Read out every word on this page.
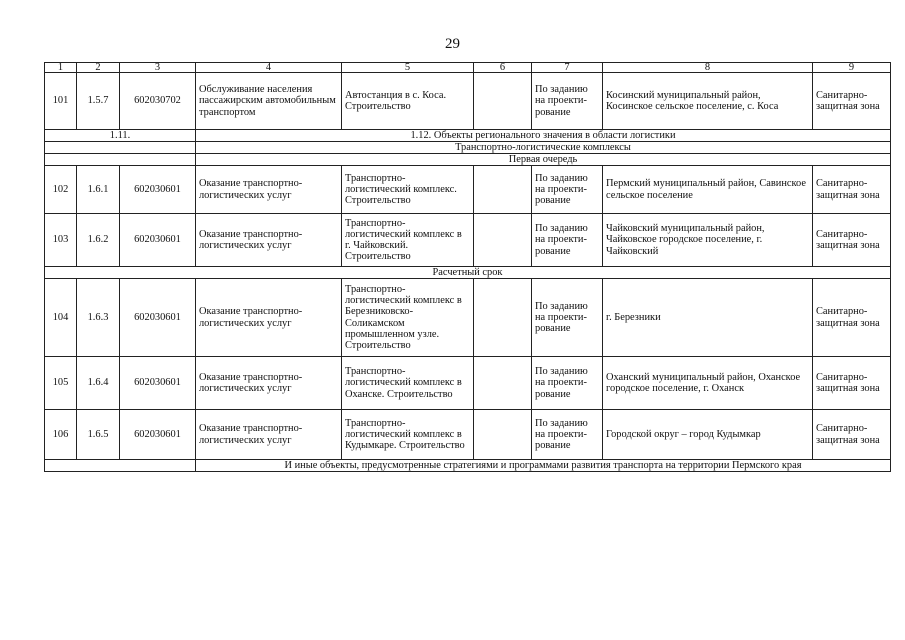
29
1	2	3	4	5	6	7	8	9
101	1.5.7	602030702	Обслуживание населения пассажирским автомобильным транспортом	Автостанция в с. Коса. Строительство		По заданию на проекти-рование	Косинский муниципальный район, Косинское сельское поселение, с. Коса	Санитарно-защитная зона
1.11.			1.12. Объекты регионального значения в области логистики					
			Транспортно-логистические комплексы					
			Первая очередь					
102	1.6.1	602030601	Оказание транспортно-логистических услуг	Транспортно-логистический комплекс. Строительство		По заданию на проекти-рование	Пермский муниципальный район, Савинское сельское поселение	Санитарно-защитная зона
103	1.6.2	602030601	Оказание транспортно-логистических услуг	Транспортно-логистический комплекс в г. Чайковский. Строительство		По заданию на проекти-рование	Чайковский муниципальный район, Чайковское городское поселение, г. Чайковский	Санитарно-защитная зона
Расчетный срок								
104	1.6.3	602030601	Оказание транспортно-логистических услуг	Транспортно-логистический комплекс в Березниковско-Соликамском промышленном узле. Строительство		По заданию на проекти-рование	г. Березники	Санитарно-защитная зона
105	1.6.4	602030601	Оказание транспортно-логистических услуг	Транспортно-логистический комплекс в Оханске. Строительство		По заданию на проекти-рование	Оханский муниципальный район, Оханское городское поселение, г. Оханск	Санитарно-защитная зона
106	1.6.5	602030601	Оказание транспортно-логистических услуг	Транспортно-логистический комплекс в Кудымкаре. Строительство		По заданию на проекти-рование	Городской округ – город Кудымкар	Санитарно-защитная зона
			И иные объекты, предусмотренные стратегиями и программами развития транспорта на территории Пермского края					
